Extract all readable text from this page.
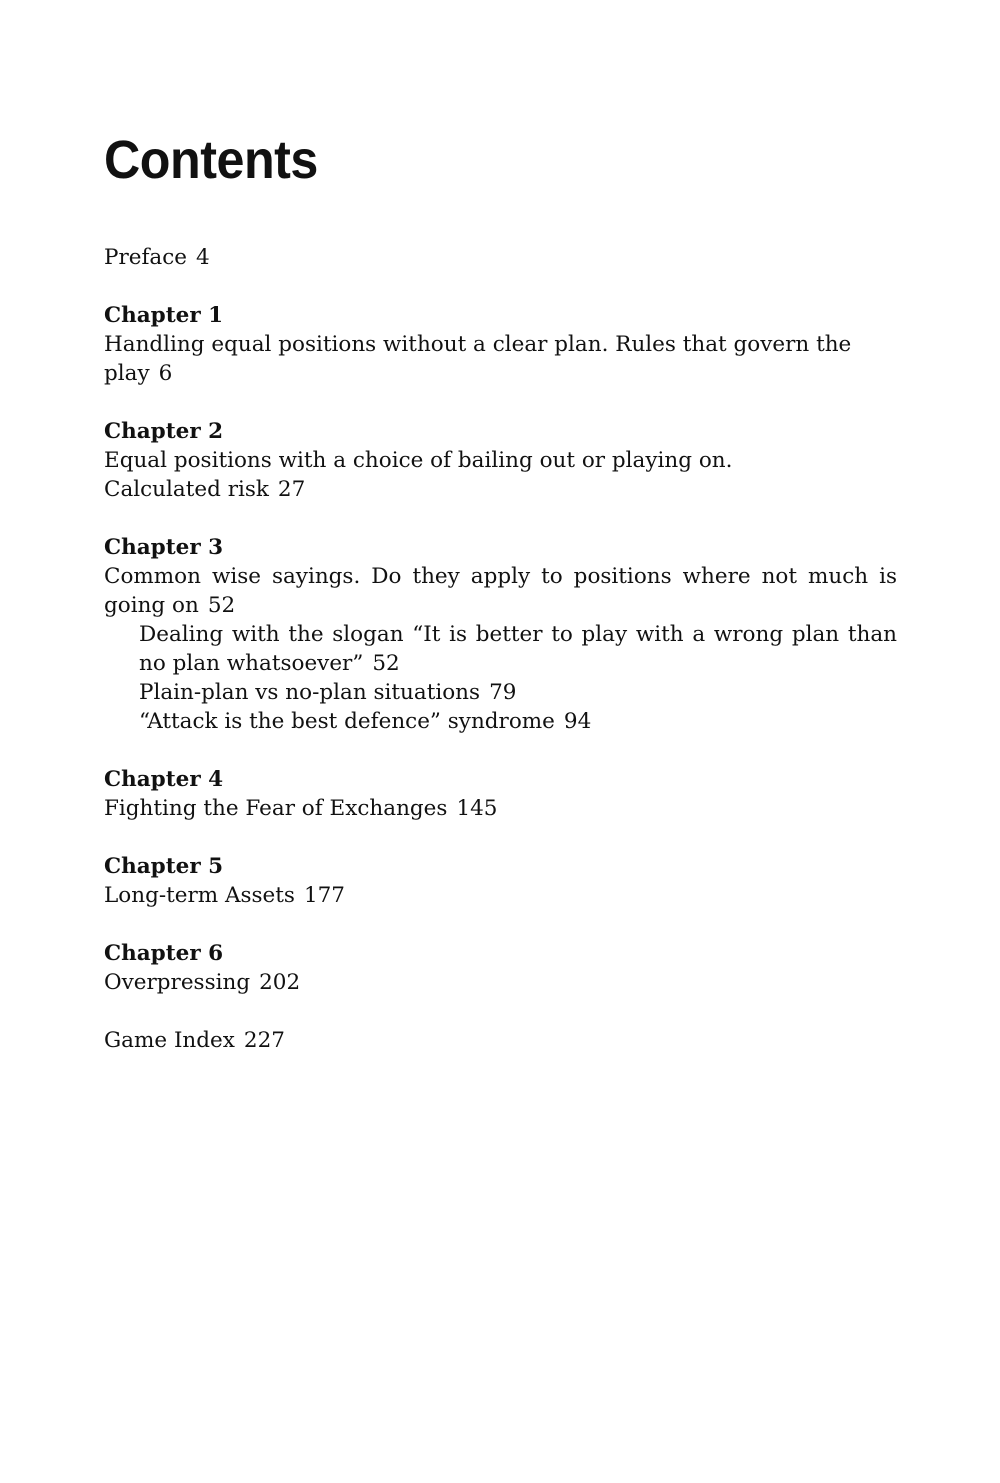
Contents
Preface 4
Chapter 1
Handling equal positions without a clear plan. Rules that govern the play 6
Chapter 2
Equal positions with a choice of bailing out or playing on.
Calculated risk 27
Chapter 3
Common wise sayings. Do they apply to positions where not much is going on 52
Dealing with the slogan “It is better to play with a wrong plan than no plan whatsoever” 52
Plain-plan vs no-plan situations 79
“Attack is the best defence” syndrome 94
Chapter 4
Fighting the Fear of Exchanges 145
Chapter 5
Long-term Assets 177
Chapter 6
Overpressing 202
Game Index 227
